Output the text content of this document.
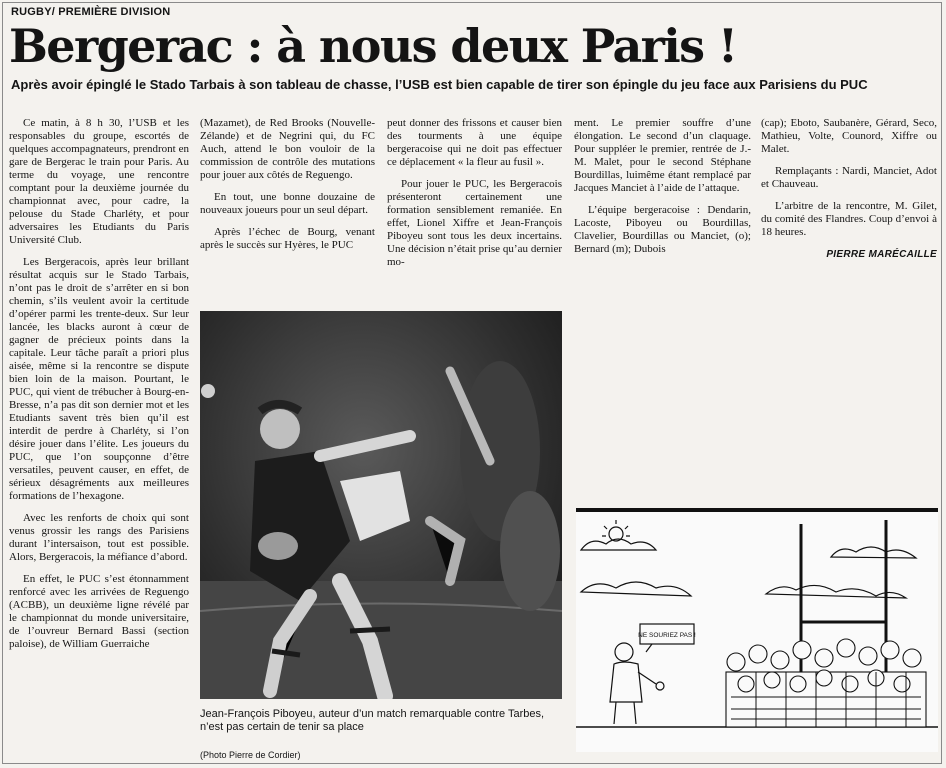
RUGBY/ PREMIÈRE DIVISION
Bergerac : à nous deux Paris !
Après avoir épinglé le Stado Tarbais à son tableau de chasse, l’USB est bien capable de tirer son épingle du jeu face aux Parisiens du PUC

Ce matin, à 8 h 30, l’USB et les responsables du groupe, escortés de quelques accompagnateurs, prendront en gare de Bergerac le train pour Paris. Au terme du voyage, une rencontre comptant pour la deuxième journée du championnat avec, pour cadre, la pelouse du Stade Charléty, et pour adversaires les Etudiants du Paris Université Club.

Les Bergeracois, après leur brillant résultat acquis sur le Stado Tarbais, n’ont pas le droit de s’arrêter en si bon chemin, s’ils veulent avoir la certitude d’opérer parmi les trente-deux. Sur leur lancée, les blacks auront à cœur de gagner de précieux points dans la capitale. Leur tâche paraît a priori plus aisée, même si la rencontre se dispute bien loin de la maison. Pourtant, le PUC, qui vient de trébucher à Bourg-en-Bresse, n’a pas dit son dernier mot et les Etudiants savent très bien qu’il est interdit de perdre à Charléty, si l’on désire jouer dans l’élite. Les joueurs du PUC, que l’on soupçonne d’être versatiles, peuvent causer, en effet, de sérieux désagréments aux meilleures formations de l’hexagone.

Avec les renforts de choix qui sont venus grossir les rangs des Parisiens durant l’intersaison, tout est possible. Alors, Bergeracois, la méfiance d’abord.

En effet, le PUC s’est étonnamment renforcé avec les arrivées de Reguengo (ACBB), un deuxième ligne révélé par le championnat du monde universitaire, de l’ouvreur Bernard Bassi (section paloise), de William Guerraiche

(Mazamet), de Red Brooks (Nouvelle-Zélande) et de Negrini qui, du FC Auch, attend le bon vouloir de la commission de contrôle des mutations pour jouer aux côtés de Reguengo.

En tout, une bonne douzaine de nouveaux joueurs pour un seul départ.

Après l’échec de Bourg, venant après le succès sur Hyères, le PUC

peut donner des frissons et causer bien des tourments à une équipe bergeracoise qui ne doit pas effectuer ce déplacement « la fleur au fusil ».

Pour jouer le PUC, les Bergeracois présenteront certainement une formation sensiblement remaniée. En effet, Lionel Xiffre et Jean-François Piboyeu sont tous les deux incertains. Une décision n’était prise qu’au dernier mo-

ment. Le premier souffre d’une élongation. Le second d’un claquage. Pour suppléer le premier, rentrée de J.-M. Malet, pour le second Stéphane Bourdillas, luimême étant remplacé par Jacques Manciet à l’aide de l’attaque.

L’équipe bergeracoise : Dendarin, Lacoste, Piboyeu ou Bourdillas, Clavelier, Bourdillas ou Manciet, (o); Bernard (m); Dubois

(cap); Eboto, Saubanère, Gérard, Seco, Mathieu, Volte, Counord, Xiffre ou Malet.

Remplaçants : Nardi, Manciet, Adot et Chauveau.

L’arbitre de la rencontre, M. Gilet, du comité des Flandres. Coup d’envoi à 18 heures.

PIERRE MARÉCAILLE
Jean-François Piboyeu, auteur d’un match remarquable contre Tarbes, n’est pas certain de tenir sa place
(Photo Pierre de Cordier)
NE SOURIEZ PAS !
